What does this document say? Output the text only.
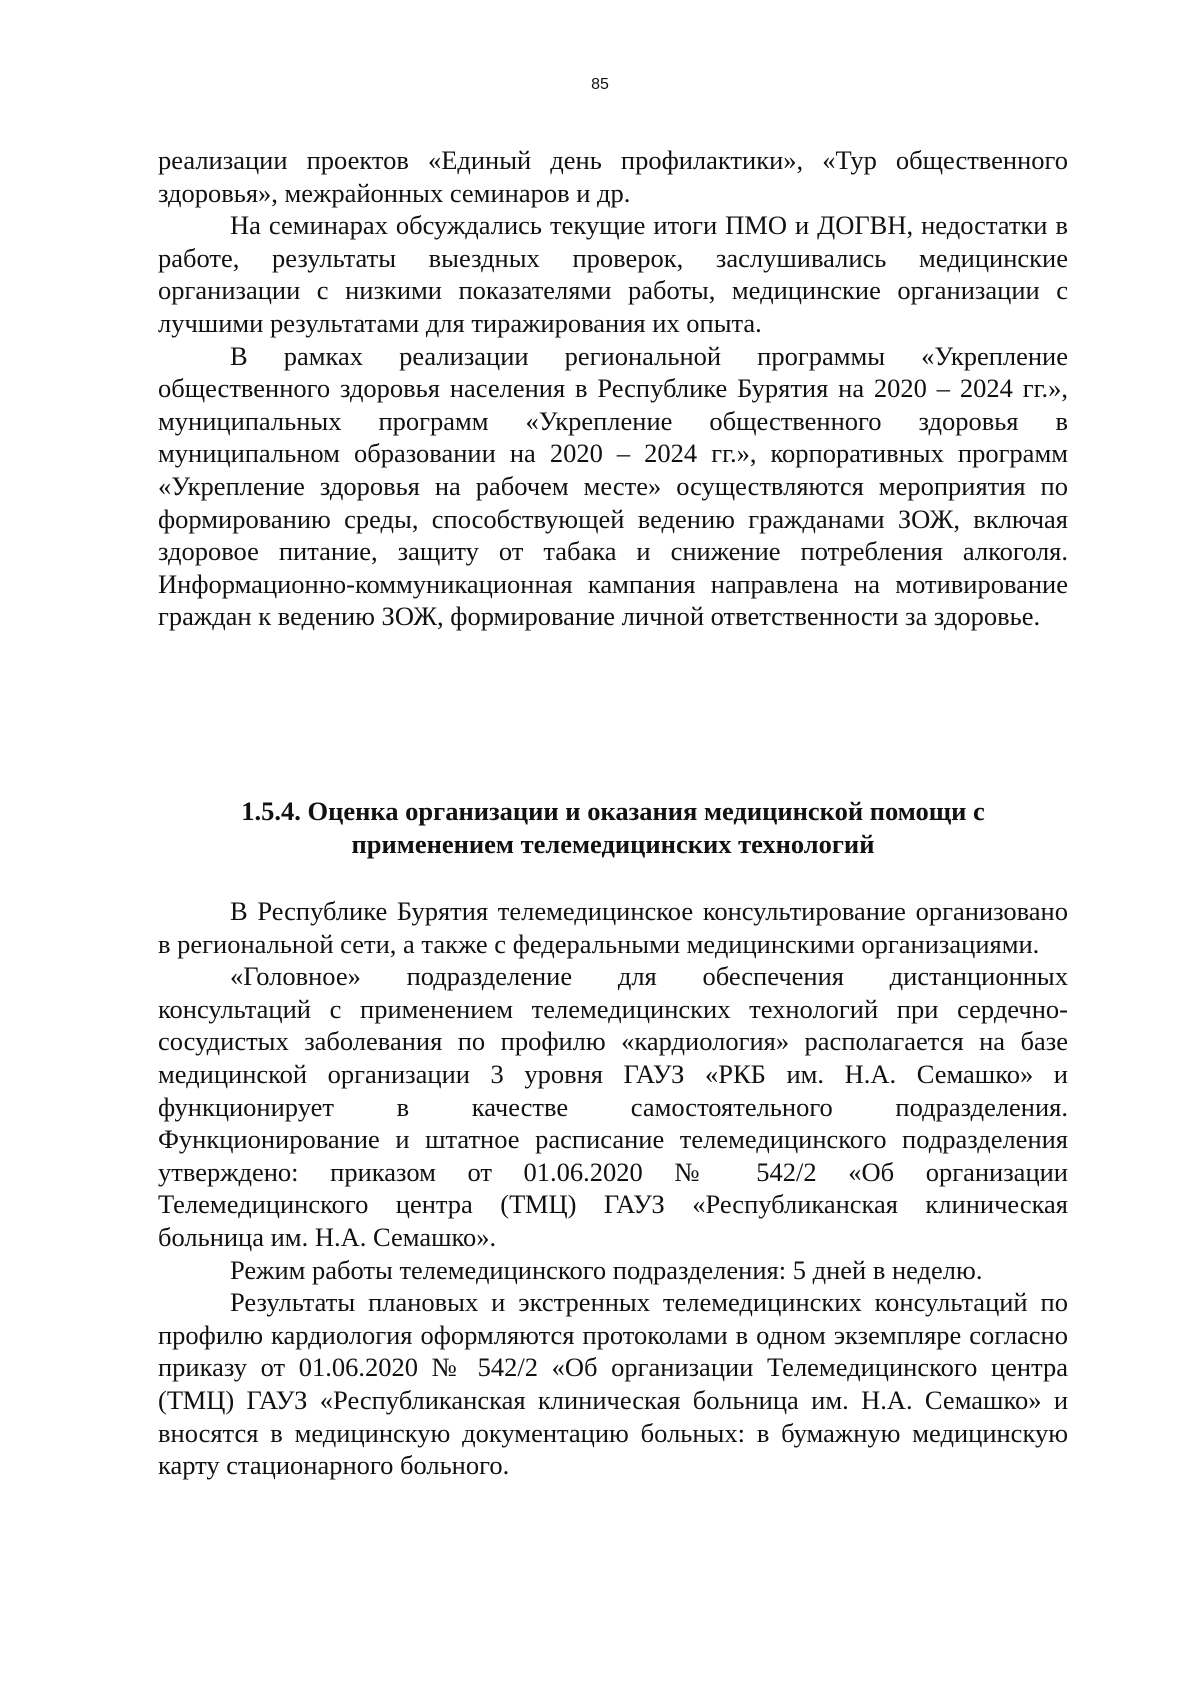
85

реализации проектов «Единый день профилактики», «Тур общественного здоровья», межрайонных семинаров и др.

На семинарах обсуждались текущие итоги ПМО и ДОГВН, недостатки в работе, результаты выездных проверок, заслушивались медицинские организации с низкими показателями работы, медицинские организации с лучшими результатами для тиражирования их опыта.

В рамках реализации региональной программы «Укрепление общественного здоровья населения в Республике Бурятия на 2020 – 2024 гг.», муниципальных программ «Укрепление общественного здоровья в муниципальном образовании на 2020 – 2024 гг.», корпоративных программ «Укрепление здоровья на рабочем месте» осуществляются мероприятия по формированию среды, способствующей ведению гражданами ЗОЖ, включая здоровое питание, защиту от табака и снижение потребления алкоголя. Информационно-коммуникационная кампания направлена на мотивирование граждан к ведению ЗОЖ, формирование личной ответственности за здоровье.

1.5.4. Оценка организации и оказания медицинской помощи с
применением телемедицинских технологий

В Республике Бурятия телемедицинское консультирование организовано в региональной сети, а также с федеральными медицинскими организациями.

«Головное» подразделение для обеспечения дистанционных консультаций с применением телемедицинских технологий при сердечно-сосудистых заболевания по профилю «кардиология» располагается на базе медицинской организации 3 уровня ГАУЗ «РКБ им. Н.А. Семашко» и функционирует в качестве самостоятельного подразделения. Функционирование и штатное расписание телемедицинского подразделения утверждено: приказом от 01.06.2020 № 542/2 «Об организации Телемедицинского центра (ТМЦ) ГАУЗ «Республиканская клиническая больница им. Н.А. Семашко».

Режим работы телемедицинского подразделения: 5 дней в неделю.

Результаты плановых и экстренных телемедицинских консультаций по профилю кардиология оформляются протоколами в одном экземпляре согласно приказу от 01.06.2020 № 542/2 «Об организации Телемедицинского центра (ТМЦ) ГАУЗ «Республиканская клиническая больница им. Н.А. Семашко» и вносятся в медицинскую документацию больных: в бумажную медицинскую карту стационарного больного.
